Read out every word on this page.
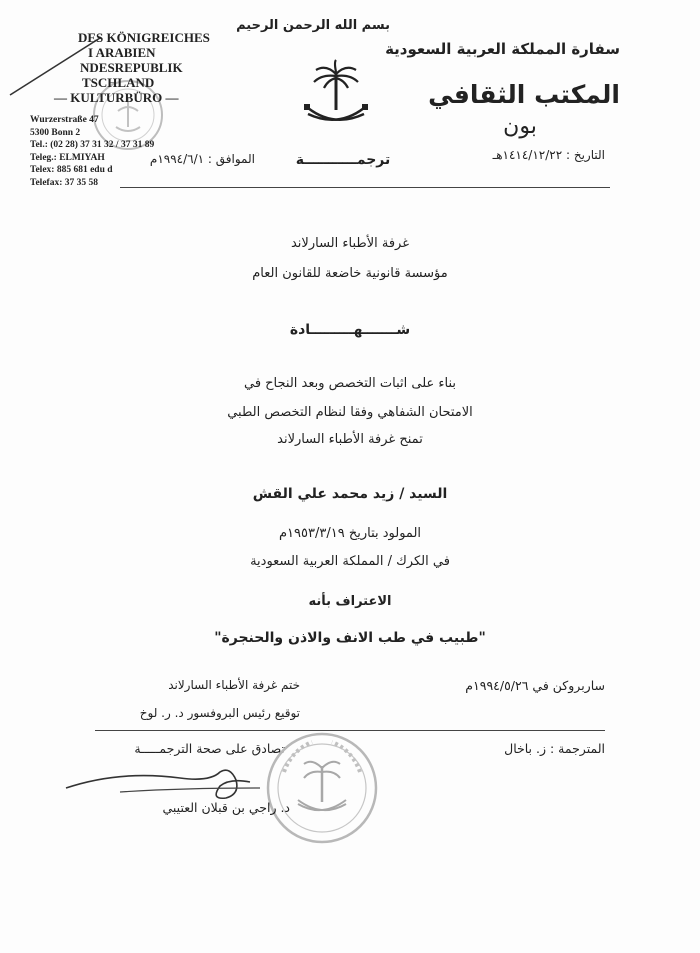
DES KÖNIGREICHES
I ARABIEN
NDESREPUBLIK
TSCHLAND
— KULTURBÜRO —
Wurzerstraße 47
5300 Bonn 2
Tel.: (02 28) 37 31 32 / 37 31 89
Teleg.: ELMIYAH
Telex: 885 681 edu d
Telefax: 37 35 58
بسم الله الرحمن الرحيم
سفارة المملكة العربية السعودية
المكتب الثقافي
بون
التاريخ : ١٤١٤/١٢/٢٢هـ
ترجمـــــــــــة
الموافق : ١٩٩٤/٦/١م
غرفة الأطباء السارلاند
مؤسسة قانونية خاضعة للقانون العام
شـــــــهـــــــــادة
بناء على اثبات التخصص وبعد النجاح في
الامتحان الشفاهي وفقا لنظام التخصص الطبي
تمنح غرفة الأطباء السارلاند
السيد / زيد محمد علي القش
المولود بتاريخ ١٩٥٣/٣/١٩م
في الكرك / المملكة العربية السعودية
الاعتراف بأنه
"طبيب في طب الانف والاذن والحنجرة"
ساربروكن في ١٩٩٤/٥/٢٦م
ختم غرفة الأطباء السارلاند
توقيع رئيس البروفسور د. ر. لوخ
المترجمة : ز. باخال
تصادق على صحة الترجمـــــة
د. راجي بن قبلان العتيبي
